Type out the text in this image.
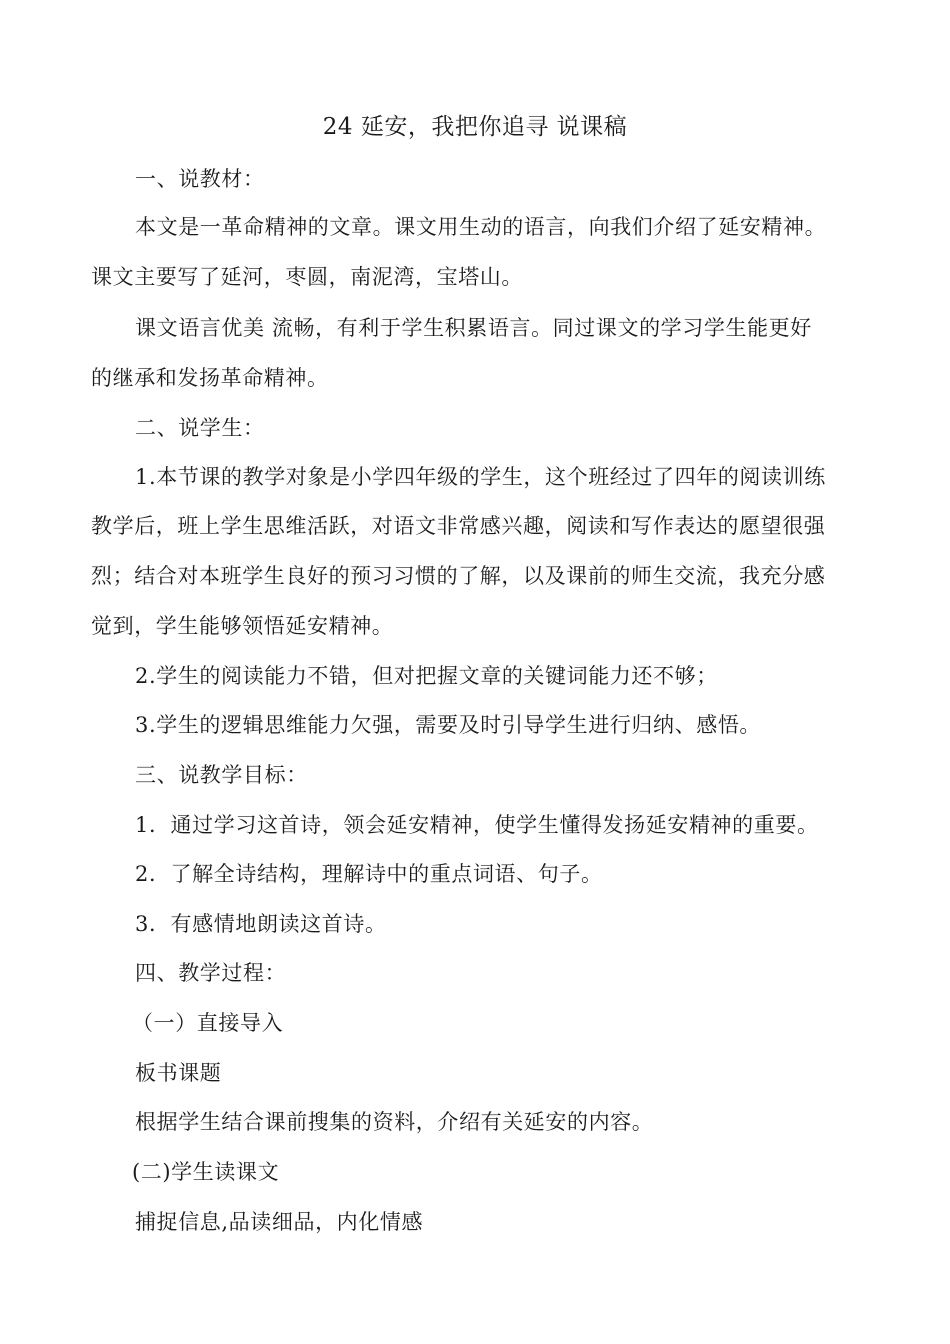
24 延安，我把你追寻 说课稿
一、说教材：
本文是一革命精神的文章。课文用生动的语言，向我们介绍了延安精神。
课文主要写了延河，枣圆，南泥湾，宝塔山。
课文语言优美 流畅，有利于学生积累语言。同过课文的学习学生能更好
的继承和发扬革命精神。
二、说学生：
1.本节课的教学对象是小学四年级的学生，这个班经过了四年的阅读训练
教学后，班上学生思维活跃，对语文非常感兴趣，阅读和写作表达的愿望很强
烈；结合对本班学生良好的预习习惯的了解，以及课前的师生交流，我充分感
觉到，学生能够领悟延安精神。
2.学生的阅读能力不错，但对把握文章的关键词能力还不够；
3.学生的逻辑思维能力欠强，需要及时引导学生进行归纳、感悟。
三、说教学目标：
1．通过学习这首诗，领会延安精神，使学生懂得发扬延安精神的重要。
2．了解全诗结构，理解诗中的重点词语、句子。
3．有感情地朗读这首诗。
四、教学过程：
（一）直接导入
板书课题
根据学生结合课前搜集的资料，介绍有关延安的内容。
(二)学生读课文
捕捉信息,品读细品，内化情感
